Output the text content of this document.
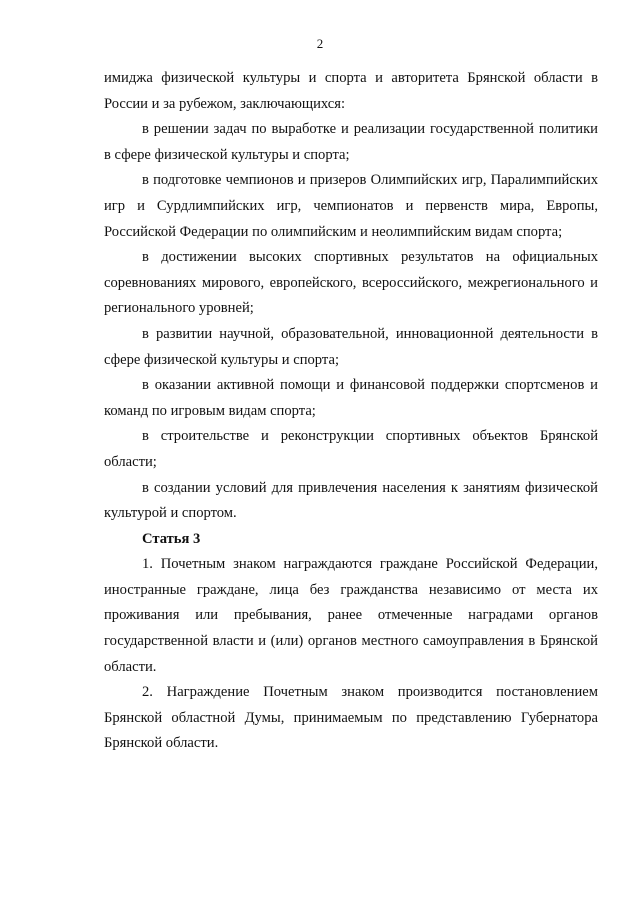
2

имиджа физической культуры и спорта и авторитета Брянской области в России и за рубежом, заключающихся:

в решении задач по выработке и реализации государственной политики в сфере физической культуры и спорта;

в подготовке чемпионов и призеров Олимпийских игр, Паралимпийских игр и Сурдлимпийских игр, чемпионатов и первенств мира, Европы, Российской Федерации по олимпийским и неолимпийским видам спорта;

в достижении высоких спортивных результатов на официальных соревнованиях мирового, европейского, всероссийского, межрегионального и регионального уровней;

в развитии научной, образовательной, инновационной деятельности в сфере физической культуры и спорта;

в оказании активной помощи и финансовой поддержки спортсменов и команд по игровым видам спорта;

в строительстве и реконструкции спортивных объектов Брянской области;

в создании условий для привлечения населения к занятиям физической культурой и спортом.

Статья 3

1. Почетным знаком награждаются граждане Российской Федерации, иностранные граждане, лица без гражданства независимо от места их проживания или пребывания, ранее отмеченные наградами органов государственной власти и (или) органов местного самоуправления в Брянской области.

2. Награждение Почетным знаком производится постановлением Брянской областной Думы, принимаемым по представлению Губернатора Брянской области.
